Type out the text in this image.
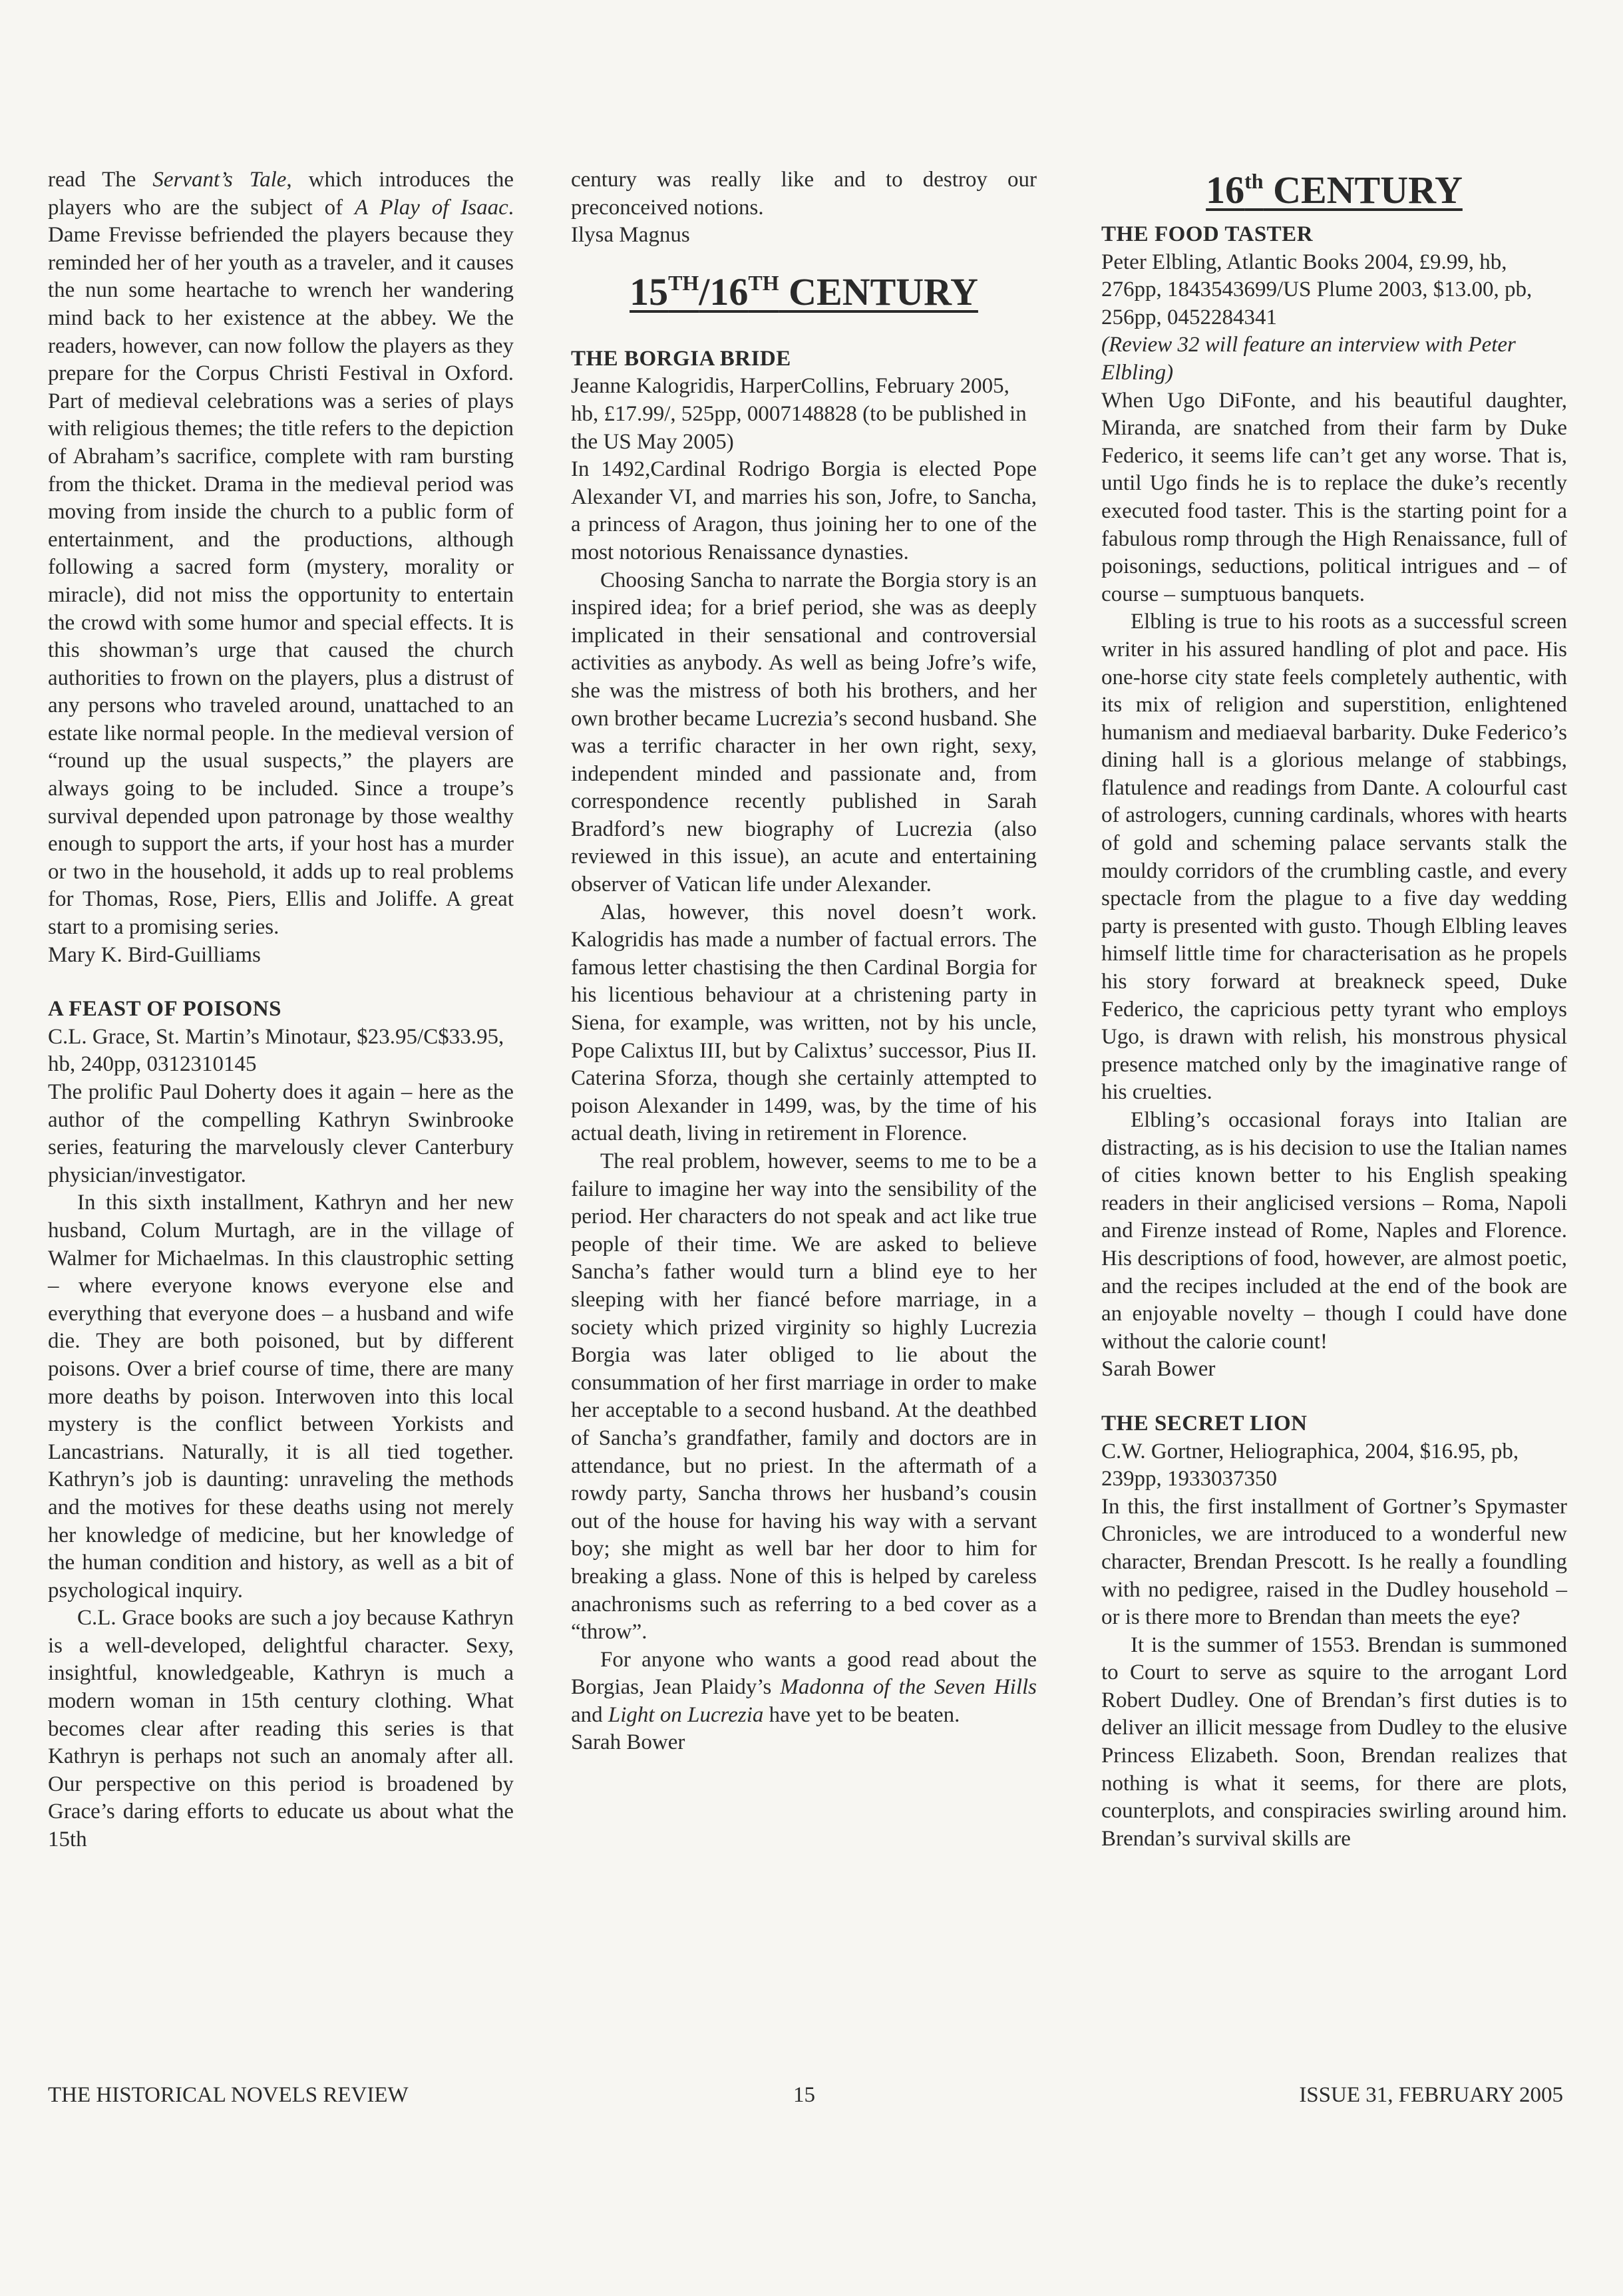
read The Servant’s Tale, which introduces the players who are the subject of A Play of Isaac. Dame Frevisse befriended the players because they reminded her of her youth as a traveler, and it causes the nun some heartache to wrench her wandering mind back to her existence at the abbey. We the readers, however, can now follow the players as they prepare for the Corpus Christi Festival in Oxford. Part of medieval celebrations was a series of plays with religious themes; the title refers to the depiction of Abraham’s sacrifice, complete with ram bursting from the thicket. Drama in the medieval period was moving from inside the church to a public form of entertainment, and the productions, although following a sacred form (mystery, morality or miracle), did not miss the opportunity to entertain the crowd with some humor and special effects. It is this showman’s urge that caused the church authorities to frown on the players, plus a distrust of any persons who traveled around, unattached to an estate like normal people. In the medieval version of “round up the usual suspects,” the players are always going to be included. Since a troupe’s survival depended upon patronage by those wealthy enough to support the arts, if your host has a murder or two in the household, it adds up to real problems for Thomas, Rose, Piers, Ellis and Joliffe. A great start to a promising series.

Mary K. Bird-Guilliams

A FEAST OF POISONS

C.L. Grace, St. Martin’s Minotaur, $23.95/C$33.95, hb, 240pp, 0312310145

The prolific Paul Doherty does it again – here as the author of the compelling Kathryn Swinbrooke series, featuring the marvelously clever Canterbury physician/investigator.

In this sixth installment, Kathryn and her new husband, Colum Murtagh, are in the village of Walmer for Michaelmas. In this claustrophic setting – where everyone knows everyone else and everything that everyone does – a husband and wife die. They are both poisoned, but by different poisons. Over a brief course of time, there are many more deaths by poison. Interwoven into this local mystery is the conflict between Yorkists and Lancastrians. Naturally, it is all tied together. Kathryn’s job is daunting: unraveling the methods and the motives for these deaths using not merely her knowledge of medicine, but her knowledge of the human condition and history, as well as a bit of psychological inquiry.

C.L. Grace books are such a joy because Kathryn is a well-developed, delightful character. Sexy, insightful, knowledgeable, Kathryn is much a modern woman in 15th century clothing. What becomes clear after reading this series is that Kathryn is perhaps not such an anomaly after all. Our perspective on this period is broadened by Grace’s daring efforts to educate us about what the 15th

century was really like and to destroy our preconceived notions.

Ilysa Magnus

15TH/16TH CENTURY
THE BORGIA BRIDE

Jeanne Kalogridis, HarperCollins, February 2005, hb, £17.99/, 525pp, 0007148828 (to be published in the US May 2005)

In 1492,Cardinal Rodrigo Borgia is elected Pope Alexander VI, and marries his son, Jofre, to Sancha, a princess of Aragon, thus joining her to one of the most notorious Renaissance dynasties.

Choosing Sancha to narrate the Borgia story is an inspired idea; for a brief period, she was as deeply implicated in their sensational and controversial activities as anybody. As well as being Jofre’s wife, she was the mistress of both his brothers, and her own brother became Lucrezia’s second husband. She was a terrific character in her own right, sexy, independent minded and passionate and, from correspondence recently published in Sarah Bradford’s new biography of Lucrezia (also reviewed in this issue), an acute and entertaining observer of Vatican life under Alexander.

Alas, however, this novel doesn’t work. Kalogridis has made a number of factual errors. The famous letter chastising the then Cardinal Borgia for his licentious behaviour at a christening party in Siena, for example, was written, not by his uncle, Pope Calixtus III, but by Calixtus’ successor, Pius II. Caterina Sforza, though she certainly attempted to poison Alexander in 1499, was, by the time of his actual death, living in retirement in Florence.

The real problem, however, seems to me to be a failure to imagine her way into the sensibility of the period. Her characters do not speak and act like true people of their time. We are asked to believe Sancha’s father would turn a blind eye to her sleeping with her fiancé before marriage, in a society which prized virginity so highly Lucrezia Borgia was later obliged to lie about the consummation of her first marriage in order to make her acceptable to a second husband. At the deathbed of Sancha’s grandfather, family and doctors are in attendance, but no priest. In the aftermath of a rowdy party, Sancha throws her husband’s cousin out of the house for having his way with a servant boy; she might as well bar her door to him for breaking a glass. None of this is helped by careless anachronisms such as referring to a bed cover as a “throw”.

For anyone who wants a good read about the Borgias, Jean Plaidy’s Madonna of the Seven Hills and Light on Lucrezia have yet to be beaten.

Sarah Bower

16th CENTURY
THE FOOD TASTER

Peter Elbling, Atlantic Books 2004, £9.99, hb, 276pp, 1843543699/US Plume 2003, $13.00, pb, 256pp, 0452284341

(Review 32 will feature an interview with Peter Elbling)

When Ugo DiFonte, and his beautiful daughter, Miranda, are snatched from their farm by Duke Federico, it seems life can’t get any worse. That is, until Ugo finds he is to replace the duke’s recently executed food taster. This is the starting point for a fabulous romp through the High Renaissance, full of poisonings, seductions, political intrigues and – of course – sumptuous banquets.

Elbling is true to his roots as a successful screen writer in his assured handling of plot and pace. His one-horse city state feels completely authentic, with its mix of religion and superstition, enlightened humanism and mediaeval barbarity. Duke Federico’s dining hall is a glorious melange of stabbings, flatulence and readings from Dante. A colourful cast of astrologers, cunning cardinals, whores with hearts of gold and scheming palace servants stalk the mouldy corridors of the crumbling castle, and every spectacle from the plague to a five day wedding party is presented with gusto. Though Elbling leaves himself little time for characterisation as he propels his story forward at breakneck speed, Duke Federico, the capricious petty tyrant who employs Ugo, is drawn with relish, his monstrous physical presence matched only by the imaginative range of his cruelties.

Elbling’s occasional forays into Italian are distracting, as is his decision to use the Italian names of cities known better to his English speaking readers in their anglicised versions – Roma, Napoli and Firenze instead of Rome, Naples and Florence. His descriptions of food, however, are almost poetic, and the recipes included at the end of the book are an enjoyable novelty – though I could have done without the calorie count!

Sarah Bower

THE SECRET LION

C.W. Gortner, Heliographica, 2004, $16.95, pb, 239pp, 1933037350

In this, the first installment of Gortner’s Spymaster Chronicles, we are introduced to a wonderful new character, Brendan Prescott. Is he really a foundling with no pedigree, raised in the Dudley household – or is there more to Brendan than meets the eye?

It is the summer of 1553. Brendan is summoned to Court to serve as squire to the arrogant Lord Robert Dudley. One of Brendan’s first duties is to deliver an illicit message from Dudley to the elusive Princess Elizabeth. Soon, Brendan realizes that nothing is what it seems, for there are plots, counterplots, and conspiracies swirling around him. Brendan’s survival skills are

THE HISTORICAL NOVELS REVIEW	15	ISSUE 31, FEBRUARY 2005
